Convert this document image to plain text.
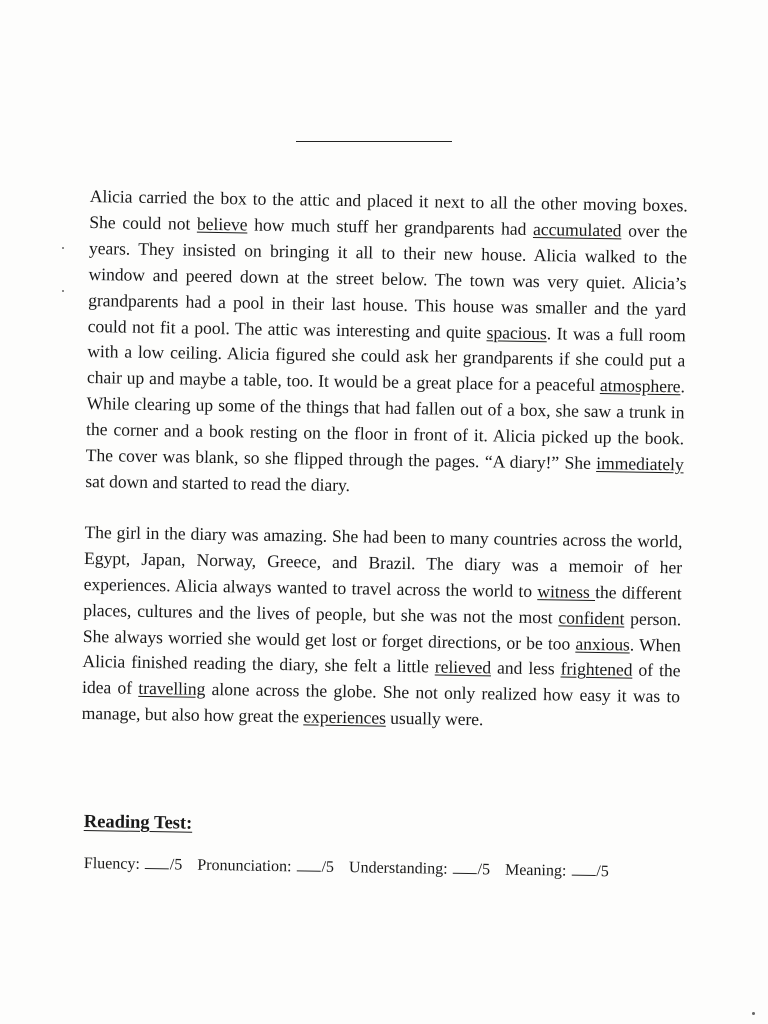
Alicia carried the box to the attic and placed it next to all the other moving boxes. She could not believe how much stuff her grandparents had accumulated over the years. They insisted on bringing it all to their new house. Alicia walked to the window and peered down at the street below. The town was very quiet. Alicia’s grandparents had a pool in their last house. This house was smaller and the yard could not fit a pool. The attic was interesting and quite spacious. It was a full room with a low ceiling. Alicia figured she could ask her grandparents if she could put a chair up and maybe a table, too. It would be a great place for a peaceful atmosphere. While clearing up some of the things that had fallen out of a box, she saw a trunk in the corner and a book resting on the floor in front of it. Alicia picked up the book. The cover was blank, so she flipped through the pages. “A diary!” She immediately sat down and started to read the diary.

The girl in the diary was amazing. She had been to many countries across the world, Egypt, Japan, Norway, Greece, and Brazil. The diary was a memoir of her experiences. Alicia always wanted to travel across the world to witness the different places, cultures and the lives of people, but she was not the most confident person. She always worried she would get lost or forget directions, or be too anxious. When Alicia finished reading the diary, she felt a little relieved and less frightened of the idea of travelling alone across the globe. She not only realized how easy it was to manage, but also how great the experiences usually were.

Reading Test:
Fluency: /5 Pronunciation: /5 Understanding: /5 Meaning: /5
